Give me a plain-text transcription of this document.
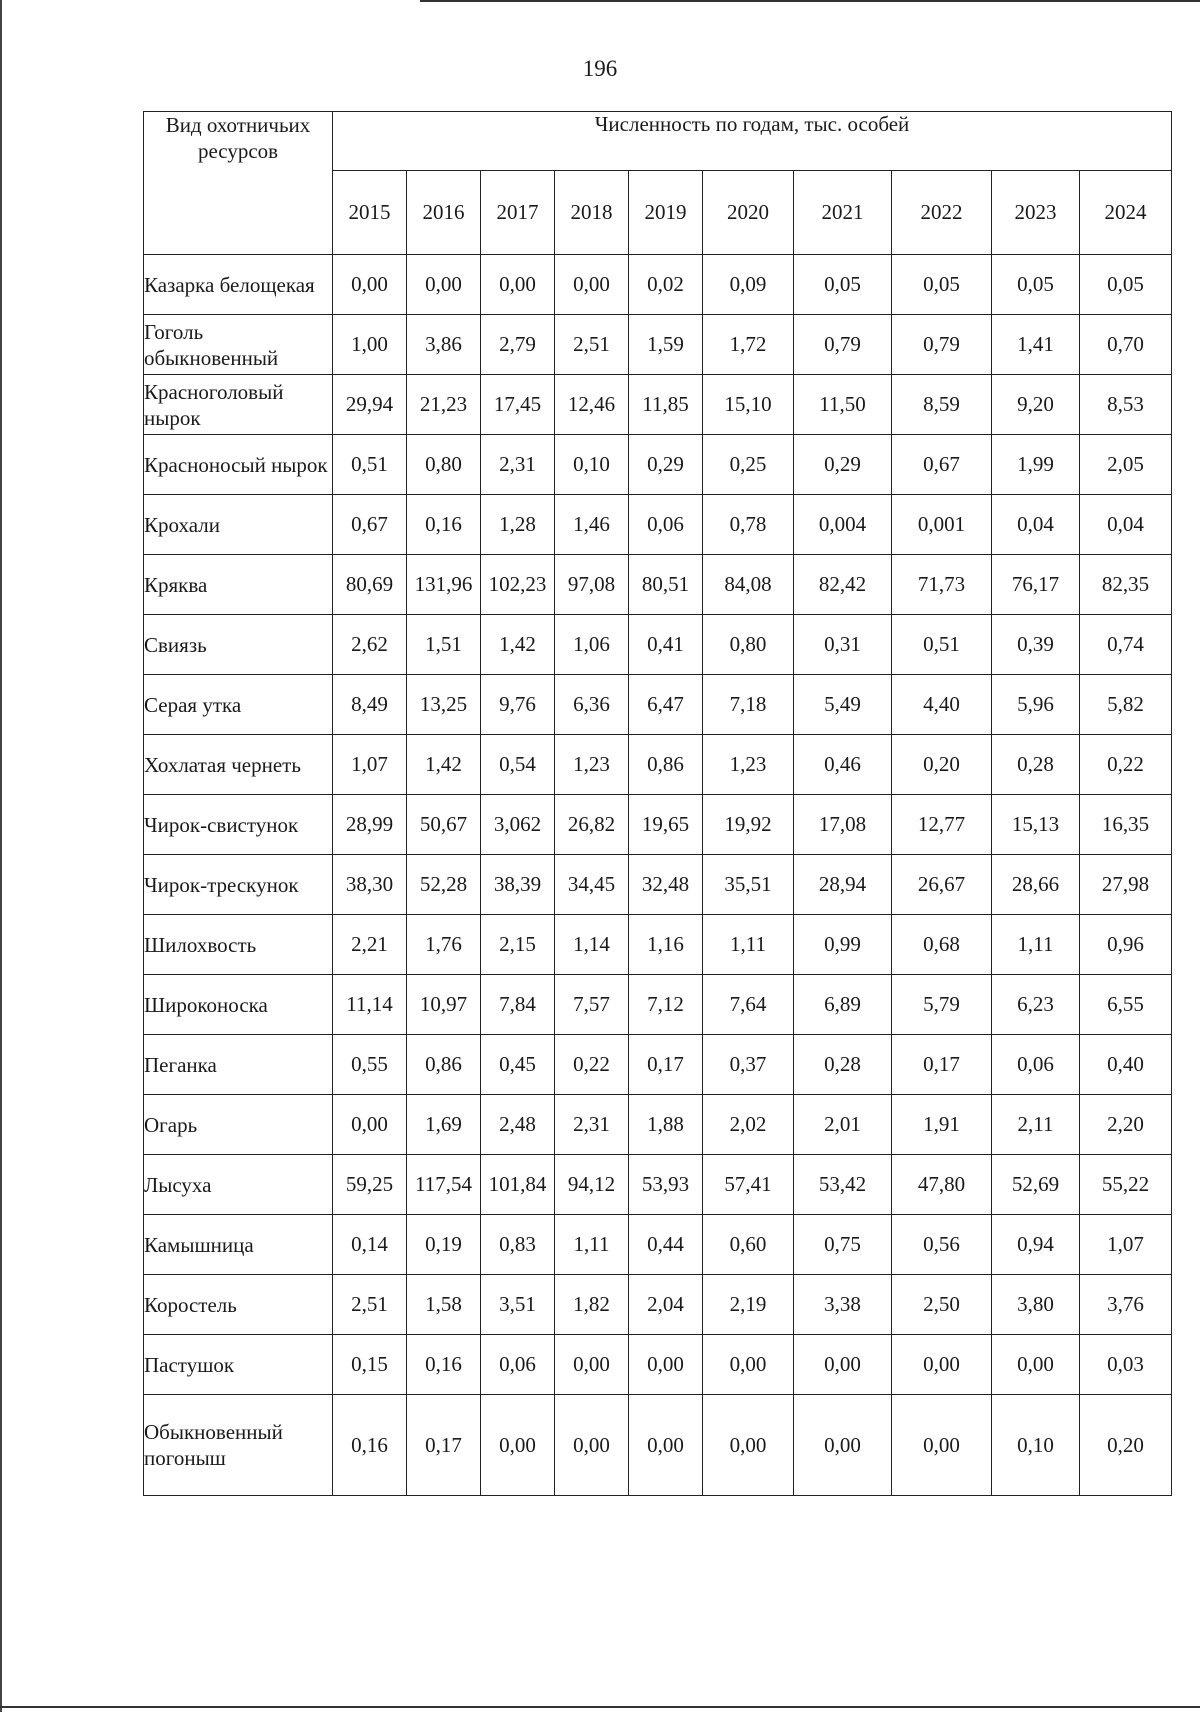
196
Вид охотничьих ресурсов	Численность по годам, тыс. особей									
	2015	2016	2017	2018	2019	2020	2021	2022	2023	2024
Казарка белощекая	0,00	0,00	0,00	0,00	0,02	0,09	0,05	0,05	0,05	0,05
Гоголь обыкновенный	1,00	3,86	2,79	2,51	1,59	1,72	0,79	0,79	1,41	0,70
Красноголовый нырок	29,94	21,23	17,45	12,46	11,85	15,10	11,50	8,59	9,20	8,53
Красноносый нырок	0,51	0,80	2,31	0,10	0,29	0,25	0,29	0,67	1,99	2,05
Крохали	0,67	0,16	1,28	1,46	0,06	0,78	0,004	0,001	0,04	0,04
Кряква	80,69	131,96	102,23	97,08	80,51	84,08	82,42	71,73	76,17	82,35
Свиязь	2,62	1,51	1,42	1,06	0,41	0,80	0,31	0,51	0,39	0,74
Серая утка	8,49	13,25	9,76	6,36	6,47	7,18	5,49	4,40	5,96	5,82
Хохлатая чернеть	1,07	1,42	0,54	1,23	0,86	1,23	0,46	0,20	0,28	0,22
Чирок-свистунок	28,99	50,67	3,062	26,82	19,65	19,92	17,08	12,77	15,13	16,35
Чирок-трескунок	38,30	52,28	38,39	34,45	32,48	35,51	28,94	26,67	28,66	27,98
Шилохвость	2,21	1,76	2,15	1,14	1,16	1,11	0,99	0,68	1,11	0,96
Широконоска	11,14	10,97	7,84	7,57	7,12	7,64	6,89	5,79	6,23	6,55
Пеганка	0,55	0,86	0,45	0,22	0,17	0,37	0,28	0,17	0,06	0,40
Огарь	0,00	1,69	2,48	2,31	1,88	2,02	2,01	1,91	2,11	2,20
Лысуха	59,25	117,54	101,84	94,12	53,93	57,41	53,42	47,80	52,69	55,22
Камышница	0,14	0,19	0,83	1,11	0,44	0,60	0,75	0,56	0,94	1,07
Коростель	2,51	1,58	3,51	1,82	2,04	2,19	3,38	2,50	3,80	3,76
Пастушок	0,15	0,16	0,06	0,00	0,00	0,00	0,00	0,00	0,00	0,03
Обыкновенный погоныш	0,16	0,17	0,00	0,00	0,00	0,00	0,00	0,00	0,10	0,20
